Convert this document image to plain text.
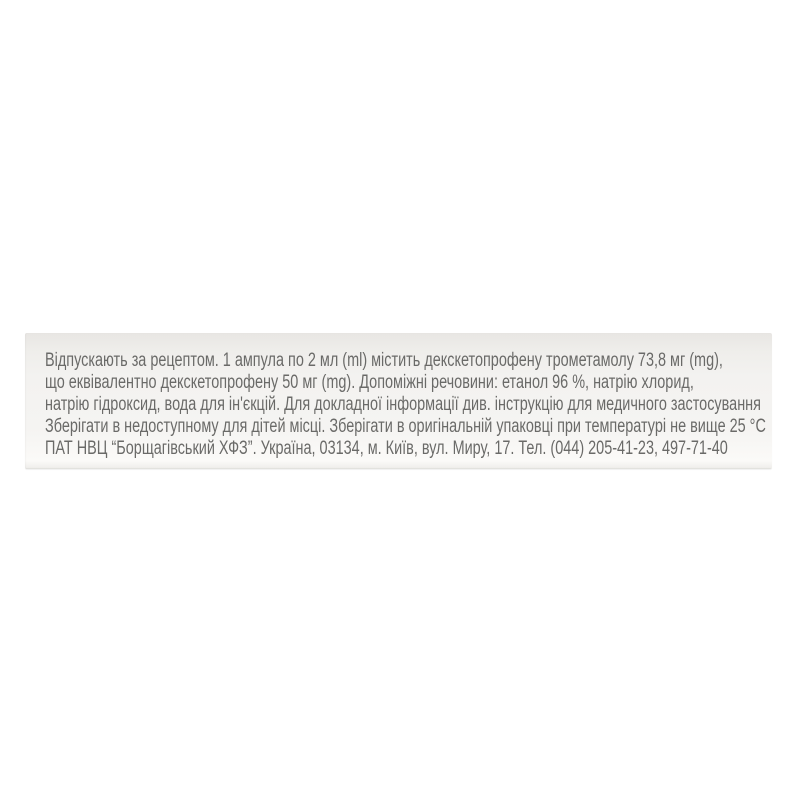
Відпускають за рецептом. 1 ампула по 2 мл (ml) містить декскетопрофену трометамолу 73,8 мг (mg),
що еквівалентно декскетопрофену 50 мг (mg). Допоміжні речовини: етанол 96 %, натрію хлорид,
натрію гідроксид, вода для ін'єкцій. Для докладної інформації див. інструкцію для медичного застосування
Зберігати в недоступному для дітей місці. Зберігати в оригінальній упаковці при температурі не вище 25 °С
ПАТ НВЦ “Борщагівський ХФЗ”. Україна, 03134, м. Київ, вул. Миру, 17. Тел. (044) 205-41-23, 497-71-40
